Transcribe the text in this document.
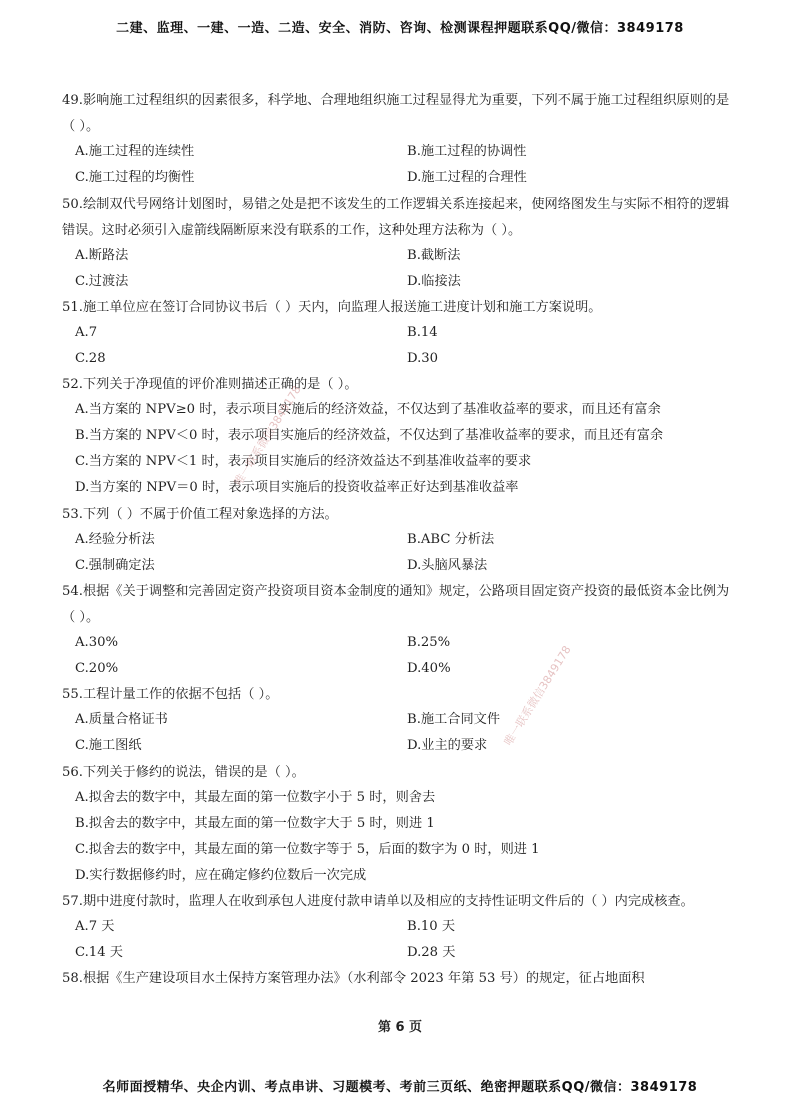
二建、监理、一建、一造、二造、安全、消防、咨询、检测课程押题联系QQ/微信：3849178
49.影响施工过程组织的因素很多，科学地、合理地组织施工过程显得尤为重要，下列不属于施工过程组织原则的是（ ）。
A.施工过程的连续性	B.施工过程的协调性
C.施工过程的均衡性	D.施工过程的合理性
50.绘制双代号网络计划图时，易错之处是把不该发生的工作逻辑关系连接起来，使网络图发生与实际不相符的逻辑错误。这时必须引入虚箭线隔断原来没有联系的工作，这种处理方法称为（ ）。
A.断路法	B.截断法
C.过渡法	D.临接法
51.施工单位应在签订合同协议书后（ ）天内，向监理人报送施工进度计划和施工方案说明。
A.7	B.14
C.28	D.30
52.下列关于净现值的评价准则描述正确的是（ ）。
A.当方案的 NPV≥0 时，表示项目实施后的经济效益，不仅达到了基准收益率的要求，而且还有富余
B.当方案的 NPV＜0 时，表示项目实施后的经济效益，不仅达到了基准收益率的要求，而且还有富余
C.当方案的 NPV＜1 时，表示项目实施后的经济效益达不到基准收益率的要求
D.当方案的 NPV＝0 时，表示项目实施后的投资收益率正好达到基准收益率
53.下列（ ）不属于价值工程对象选择的方法。
A.经验分析法	B.ABC 分析法
C.强制确定法	D.头脑风暴法
54.根据《关于调整和完善固定资产投资项目资本金制度的通知》规定，公路项目固定资产投资的最低资本金比例为（ ）。
A.30%	B.25%
C.20%	D.40%
55.工程计量工作的依据不包括（ ）。
A.质量合格证书	B.施工合同文件
C.施工图纸	D.业主的要求
56.下列关于修约的说法，错误的是（ ）。
A.拟舍去的数字中，其最左面的第一位数字小于 5 时，则舍去
B.拟舍去的数字中，其最左面的第一位数字大于 5 时，则进 1
C.拟舍去的数字中，其最左面的第一位数字等于 5，后面的数字为 0 时，则进 1
D.实行数据修约时，应在确定修约位数后一次完成
57.期中进度付款时，监理人在收到承包人进度付款申请单以及相应的支持性证明文件后的（ ）内完成核查。
A.7 天	B.10 天
C.14 天	D.28 天
58.根据《生产建设项目水土保持方案管理办法》（水利部令 2023 年第 53 号）的规定，征占地面积
第 6 页
名师面授精华、央企内训、考点串讲、习题模考、考前三页纸、绝密押题联系QQ/微信：3849178
唯一联系微信3849178
唯一联系微信3849178
